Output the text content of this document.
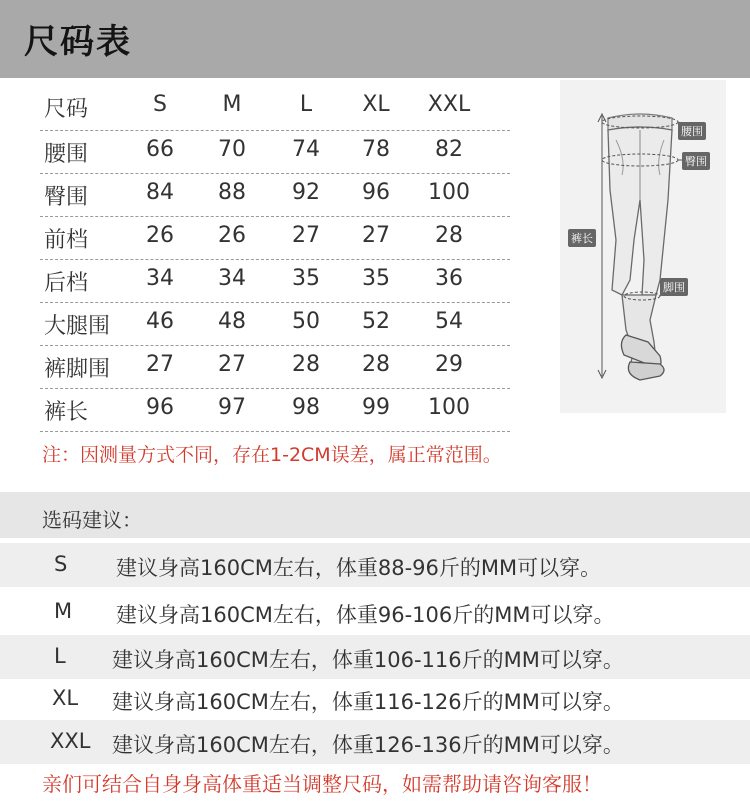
尺码表
尺码	S	M	L	XL	XXL
腰围	66	70	74	78	82
臀围	84	88	92	96	100
前档	26	26	27	27	28
后档	34	34	35	35	36
大腿围 46	48	50	52	54
裤脚围 27	27	28	28	29
裤长	96	97	98	99	100
腰围
臀围
裤长
脚围
注：因测量方式不同，存在1-2CM误差，属正常范围。
选码建议：
S 建议身高160CM左右，体重88-96斤的MM可以穿。
M 建议身高160CM左右，体重96-106斤的MM可以穿。
L 建议身高160CM左右，体重106-116斤的MM可以穿。
XL 建议身高160CM左右，体重116-126斤的MM可以穿。
XXL 建议身高160CM左右，体重126-136斤的MM可以穿。
亲们可结合自身身高体重适当调整尺码，如需帮助请咨询客服！
